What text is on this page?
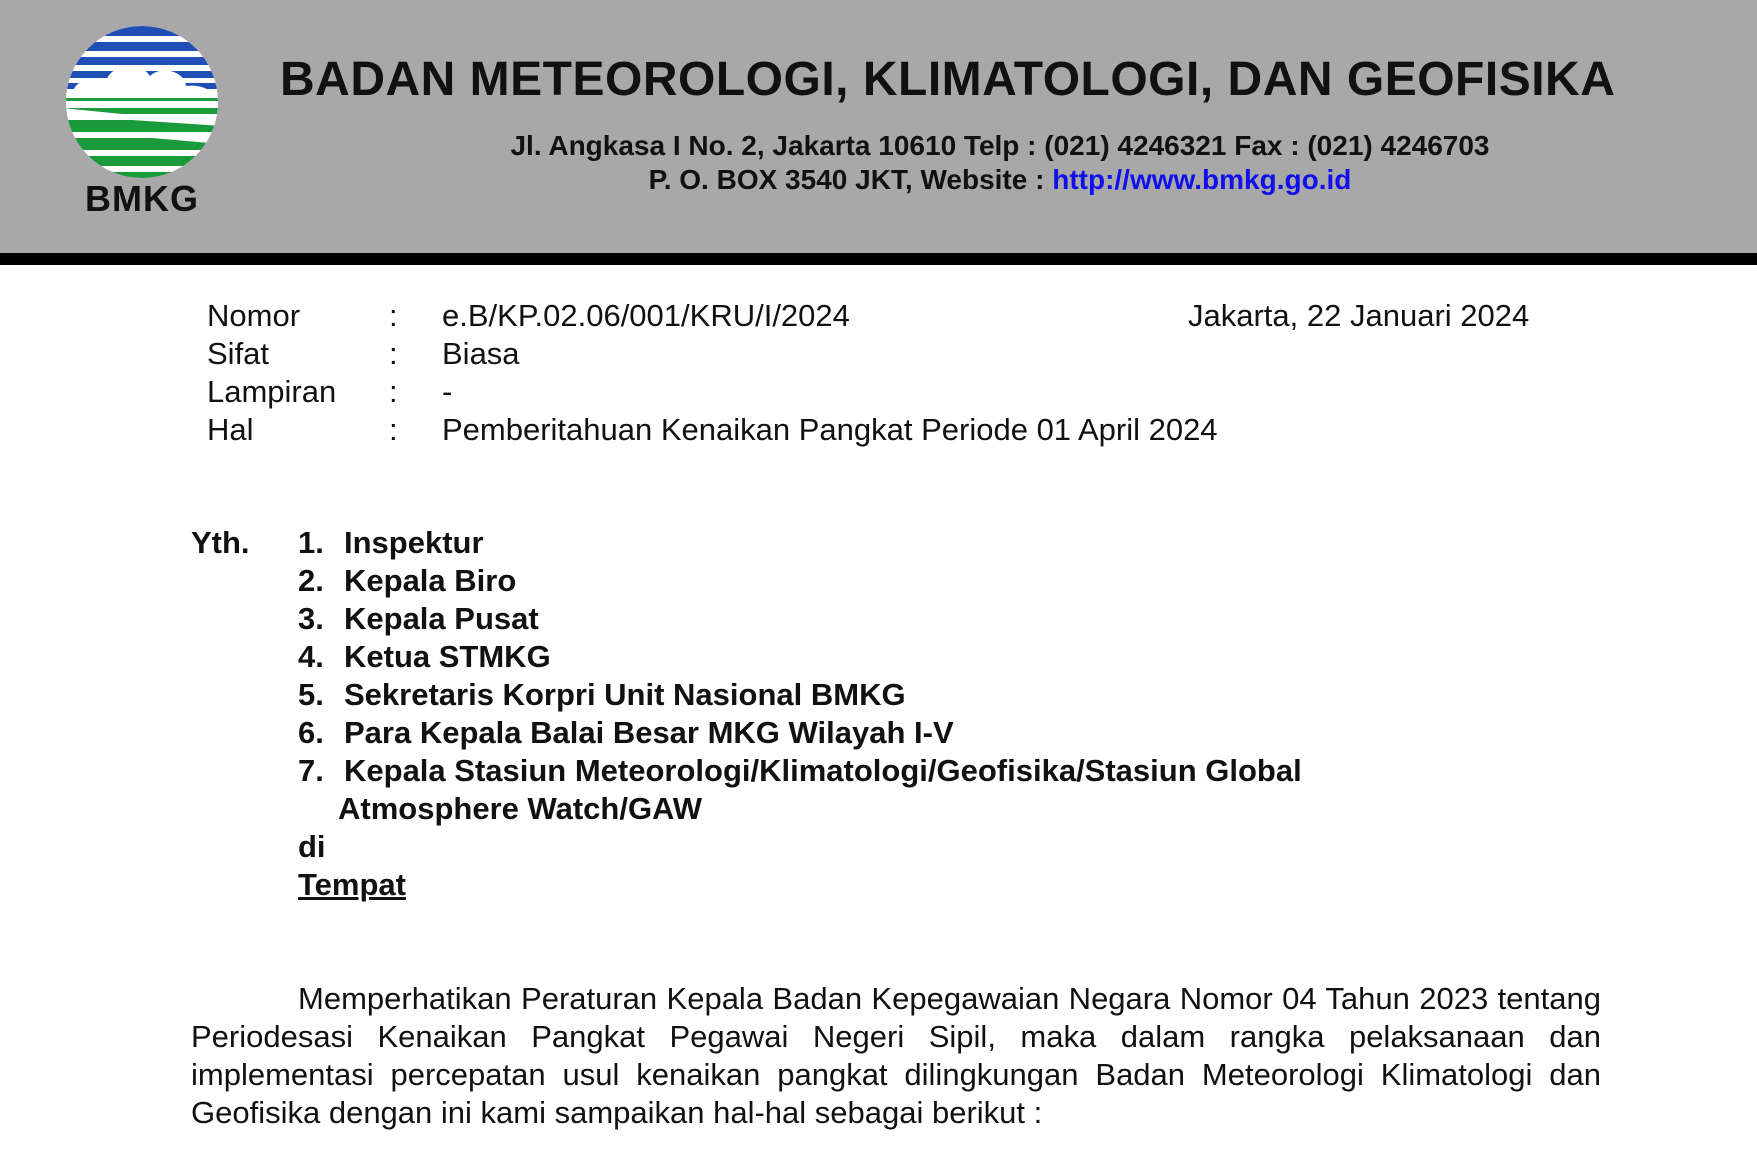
BMKG
BADAN METEOROLOGI, KLIMATOLOGI, DAN GEOFISIKA
Jl. Angkasa I No. 2, Jakarta 10610 Telp : (021) 4246321 Fax : (021) 4246703
P. O. BOX 3540 JKT, Website : http://www.bmkg.go.id
Jakarta, 22 Januari 2024
Nomor	: e.B/KP.02.06/001/KRU/I/2024
Sifat	: Biasa
Lampiran : -
Hal	: Pemberitahuan Kenaikan Pangkat Periode 01 April 2024
Yth. 1. Inspektur
2. Kepala Biro
3. Kepala Pusat
4. Ketua STMKG
5. Sekretaris Korpri Unit Nasional BMKG
6. Para Kepala Balai Besar MKG Wilayah I-V
7. Kepala Stasiun Meteorologi/Klimatologi/Geofisika/Stasiun Global
Atmosphere Watch/GAW
di
Tempat
Memperhatikan Peraturan Kepala Badan Kepegawaian Negara Nomor 04 Tahun 2023 tentang Periodesasi Kenaikan Pangkat Pegawai Negeri Sipil, maka dalam rangka pelaksanaan dan implementasi percepatan usul kenaikan pangkat dilingkungan Badan Meteorologi Klimatologi dan Geofisika dengan ini kami sampaikan hal-hal sebagai berikut :
